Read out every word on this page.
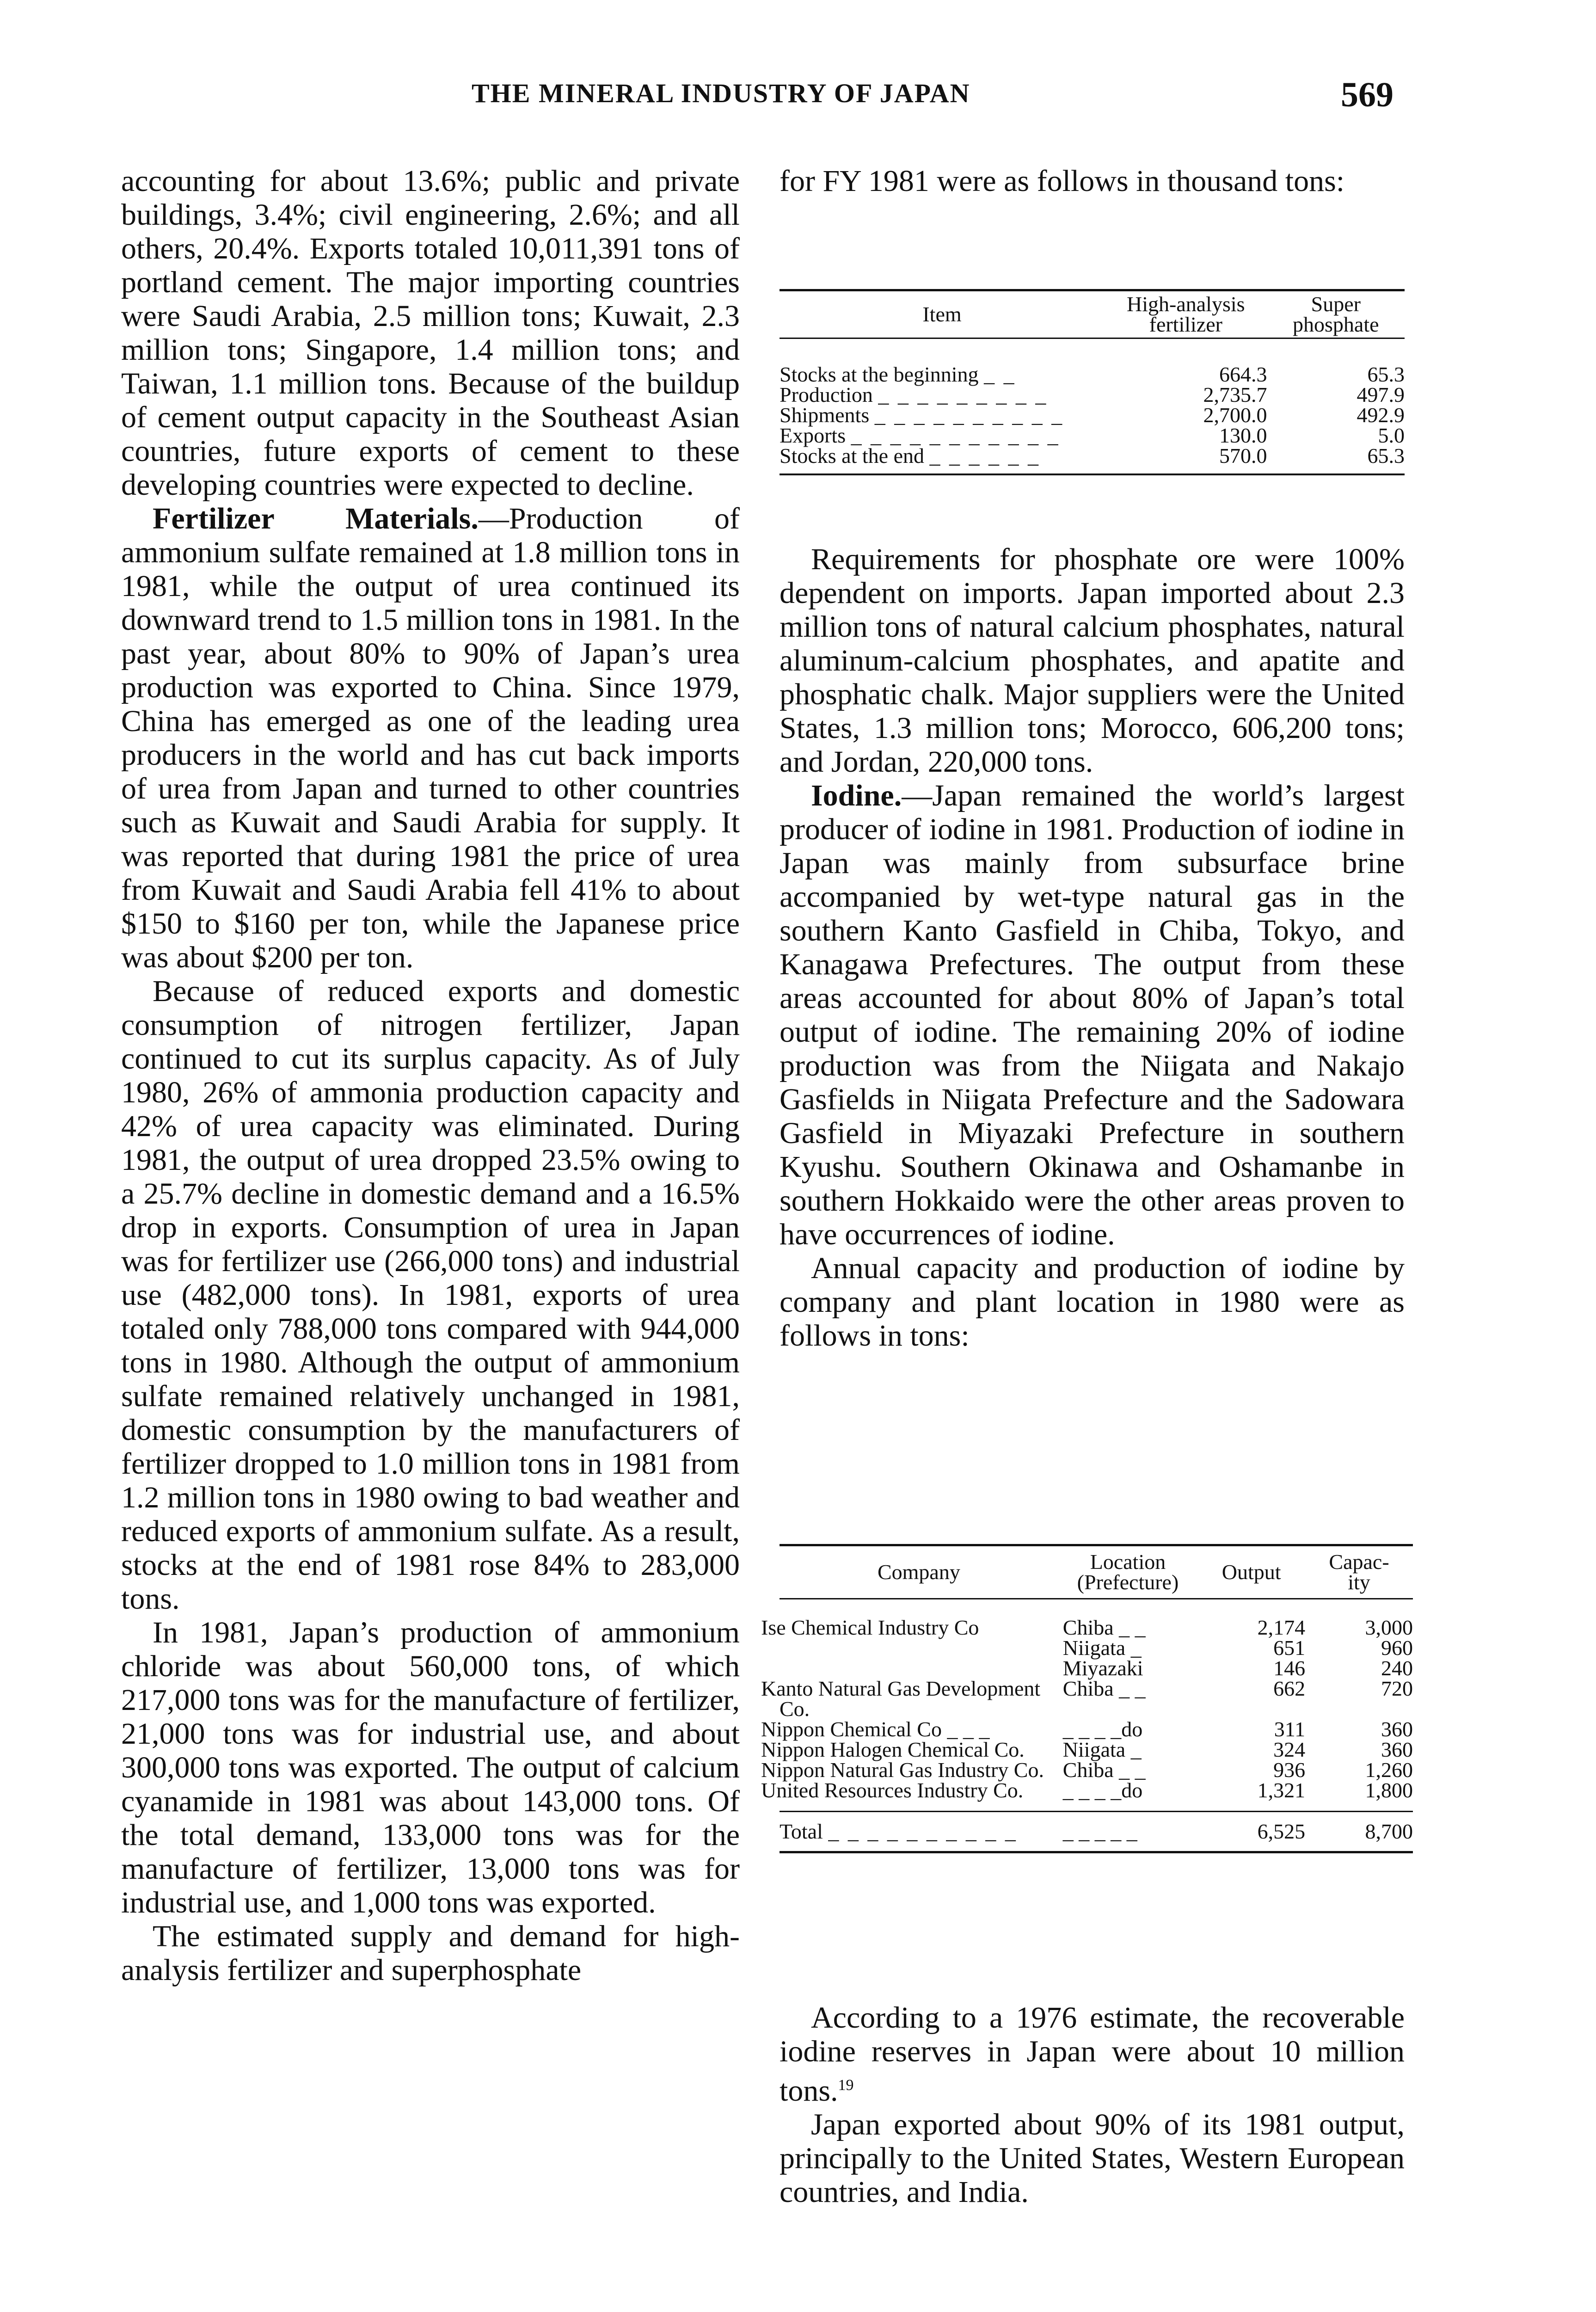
THE MINERAL INDUSTRY OF JAPAN	569

accounting for about 13.6%; public and private buildings, 3.4%; civil engineering, 2.6%; and all others, 20.4%. Exports totaled 10,011,391 tons of portland cement. The major importing countries were Saudi Arabia, 2.5 million tons; Kuwait, 2.3 million tons; Singapore, 1.4 million tons; and Taiwan, 1.1 million tons. Because of the buildup of cement output capacity in the Southeast Asian countries, future exports of cement to these developing countries were expected to decline.

Fertilizer Materials.—Production of ammonium sulfate remained at 1.8 million tons in 1981, while the output of urea continued its downward trend to 1.5 million tons in 1981. In the past year, about 80% to 90% of Japan’s urea production was exported to China. Since 1979, China has emerged as one of the leading urea producers in the world and has cut back imports of urea from Japan and turned to other countries such as Kuwait and Saudi Arabia for supply. It was reported that during 1981 the price of urea from Kuwait and Saudi Arabia fell 41% to about $150 to $160 per ton, while the Japanese price was about $200 per ton.

Because of reduced exports and domestic consumption of nitrogen fertilizer, Japan continued to cut its surplus capacity. As of July 1980, 26% of ammonia production capacity and 42% of urea capacity was eliminated. During 1981, the output of urea dropped 23.5% owing to a 25.7% decline in domestic demand and a 16.5% drop in exports. Consumption of urea in Japan was for fertilizer use (266,000 tons) and industrial use (482,000 tons). In 1981, exports of urea totaled only 788,000 tons compared with 944,000 tons in 1980. Although the output of ammonium sulfate remained relatively unchanged in 1981, domestic consumption by the manufacturers of fertilizer dropped to 1.0 million tons in 1981 from 1.2 million tons in 1980 owing to bad weather and reduced exports of ammonium sulfate. As a result, stocks at the end of 1981 rose 84% to 283,000 tons.

In 1981, Japan’s production of ammonium chloride was about 560,000 tons, of which 217,000 tons was for the manufacture of fertilizer, 21,000 tons was for industrial use, and about 300,000 tons was exported. The output of calcium cyanamide in 1981 was about 143,000 tons. Of the total demand, 133,000 tons was for the manufacture of fertilizer, 13,000 tons was for industrial use, and 1,000 tons was exported.

The estimated supply and demand for high-analysis fertilizer and superphosphate

for FY 1981 were as follows in thousand tons:

Item	High-analysis fertilizer	Super phosphate

Stocks at the beginning _ _	664.3	65.3
Production _ _ _ _ _ _ _ _ _	2,735.7	497.9
Shipments _ _ _ _ _ _ _ _ _ _	2,700.0	492.9
Exports _ _ _ _ _ _ _ _ _ _ _	130.0	5.0
Stocks at the end _ _ _ _ _ _	570.0	65.3

Requirements for phosphate ore were 100% dependent on imports. Japan imported about 2.3 million tons of natural calcium phosphates, natural aluminum-calcium phosphates, and apatite and phosphatic chalk. Major suppliers were the United States, 1.3 million tons; Morocco, 606,200 tons; and Jordan, 220,000 tons.

Iodine.—Japan remained the world’s largest producer of iodine in 1981. Production of iodine in Japan was mainly from subsurface brine accompanied by wet-type natural gas in the southern Kanto Gasfield in Chiba, Tokyo, and Kanagawa Prefectures. The output from these areas accounted for about 80% of Japan’s total output of iodine. The remaining 20% of iodine production was from the Niigata and Nakajo Gasfields in Niigata Prefecture and the Sadowara Gasfield in Miyazaki Prefecture in southern Kyushu. Southern Okinawa and Oshamanbe in southern Hokkaido were the other areas proven to have occurrences of iodine.

Annual capacity and production of iodine by company and plant location in 1980 were as follows in tons:

Company	Location
(Prefecture)	Output	Capac-
ity

Ise Chemical Industry Co	Chiba _ _	2,174	3,000
	Niigata _	651	960
	Miyazaki	146	240
Kanto Natural Gas Development Co.	Chiba _ _	662	720
Nippon Chemical Co _ _ _	_ _ _ _do	311	360
Nippon Halogen Chemical Co.	Niigata _	324	360
Nippon Natural Gas Industry Co.	Chiba _ _	936	1,260
United Resources Industry Co.	_ _ _ _do	1,321	1,800

Total _ _ _ _ _ _ _ _ _ _	_ _ _ _ _	6,525	8,700

According to a 1976 estimate, the recoverable iodine reserves in Japan were about 10 million tons.$^{19}$

Japan exported about 90% of its 1981 output, principally to the United States, Western European countries, and India.
